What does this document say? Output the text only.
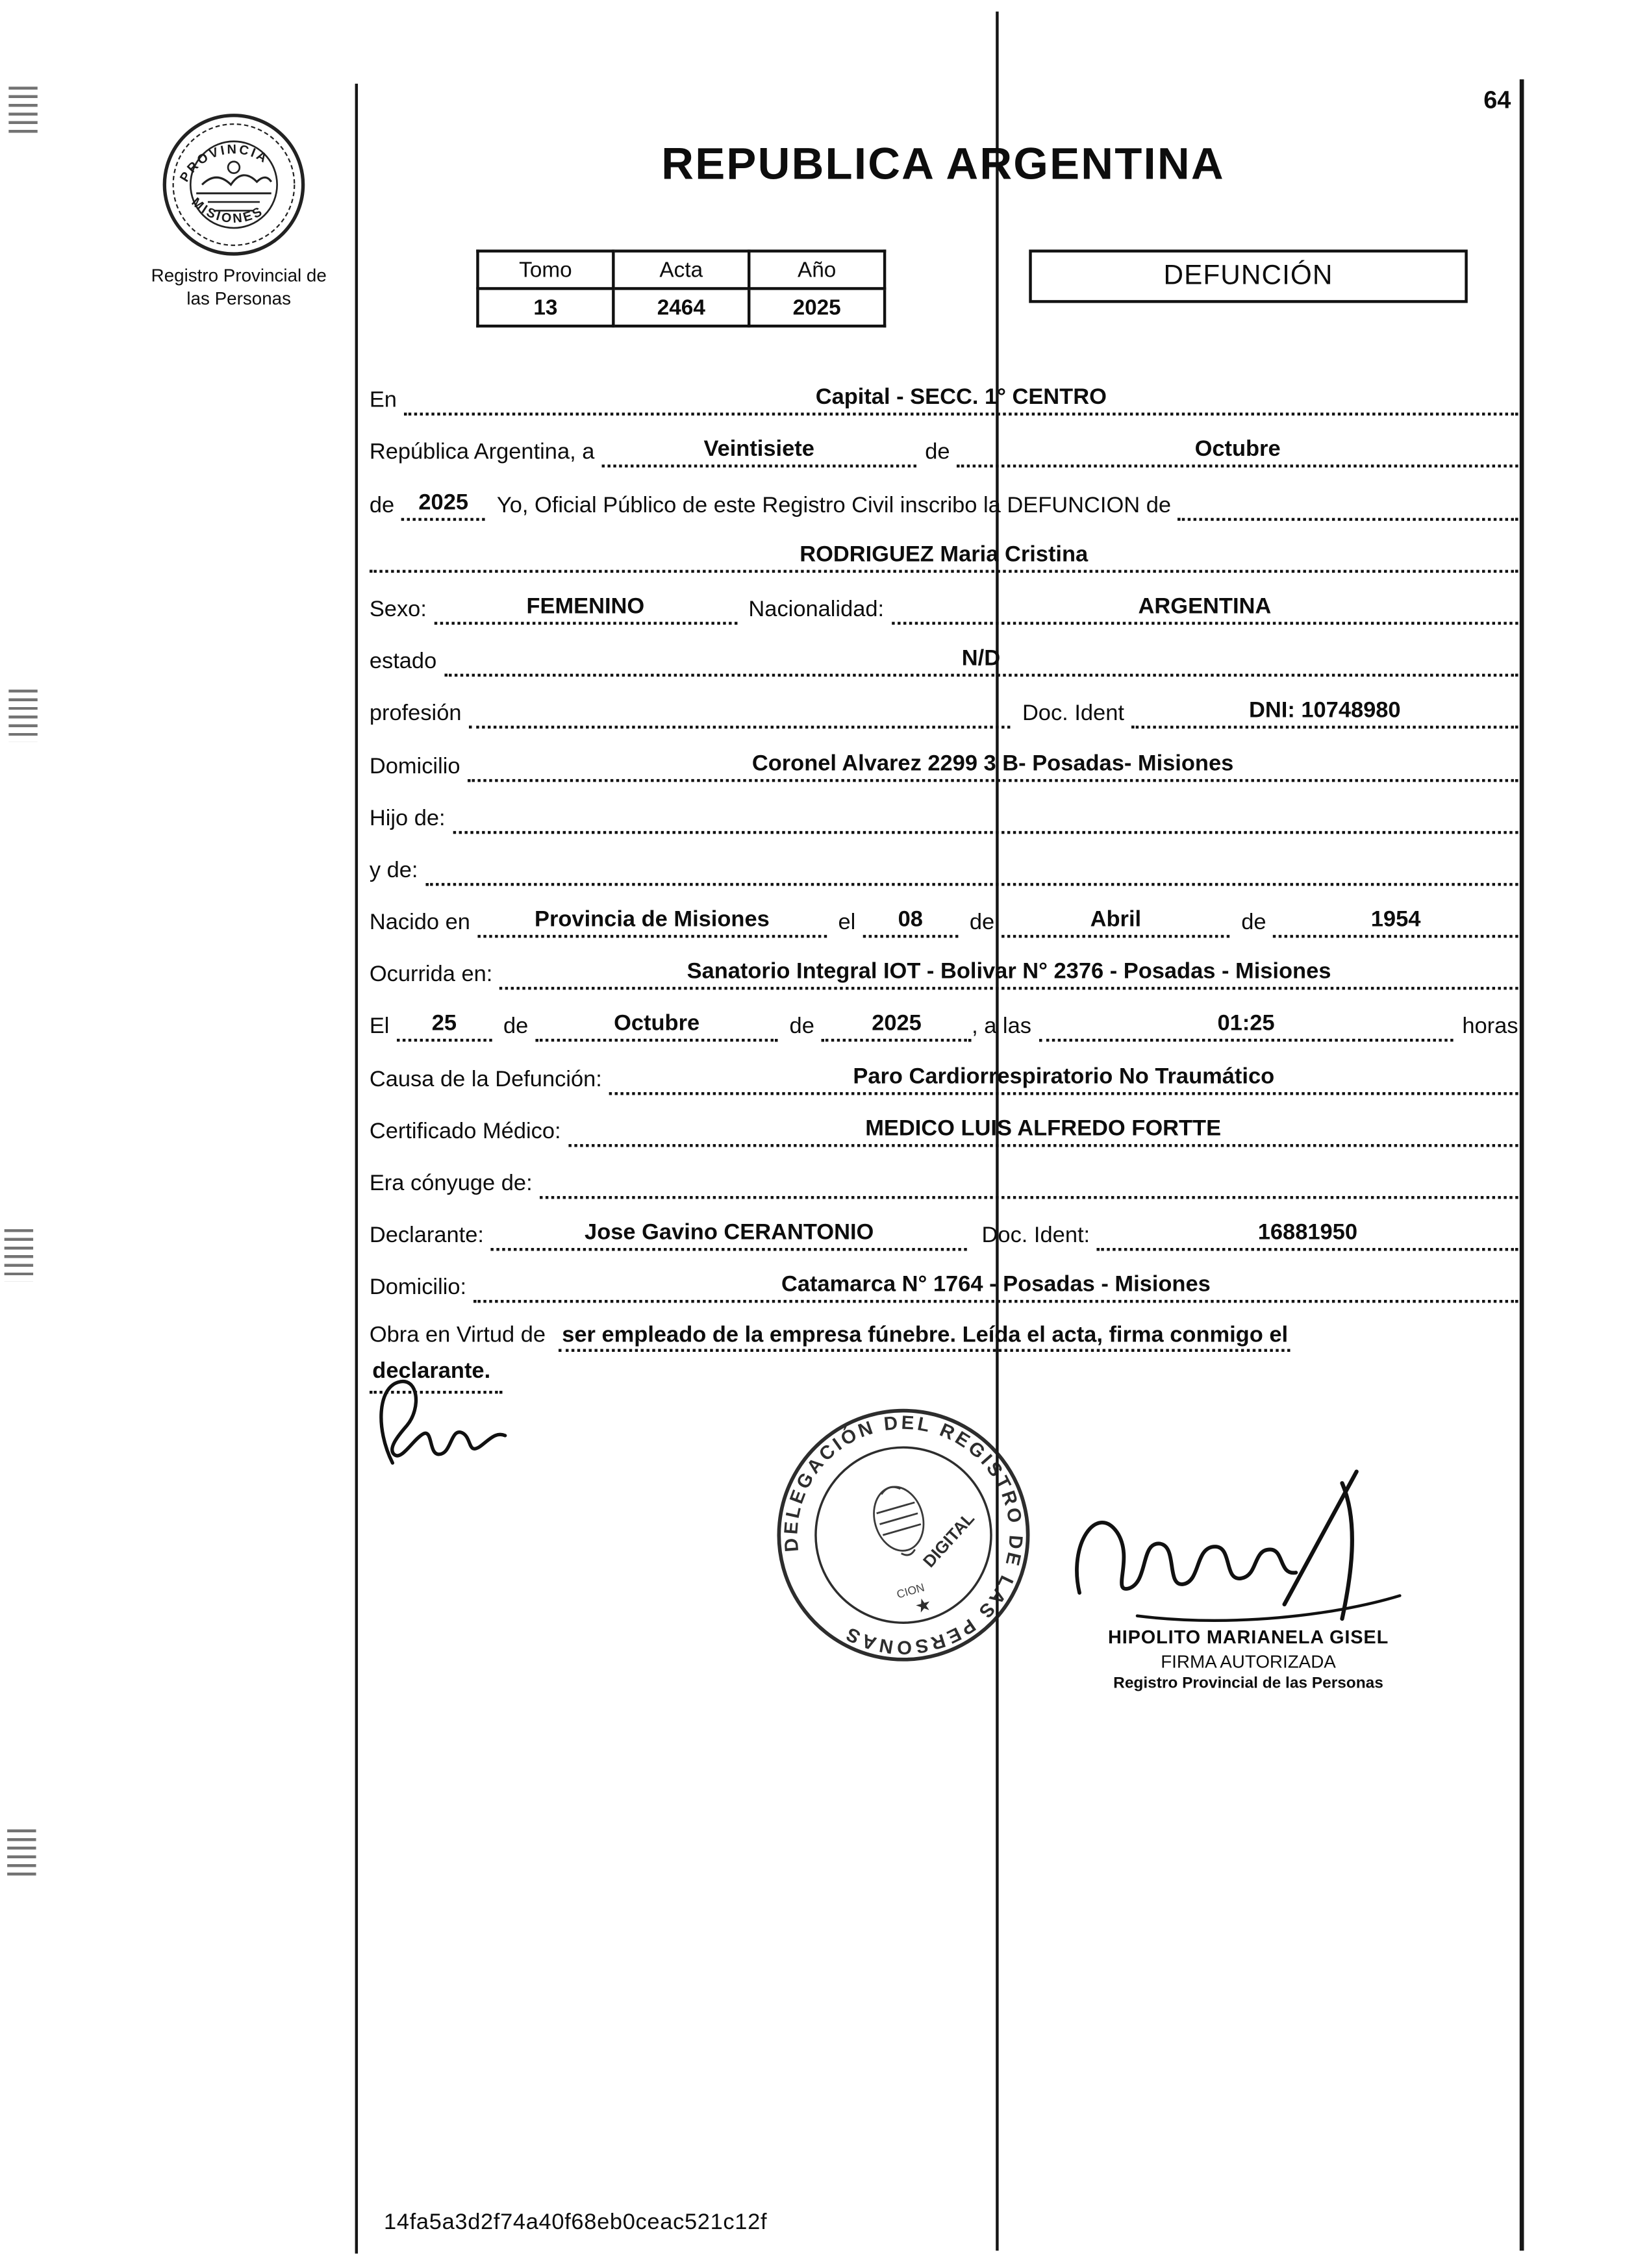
64
PROVINCIA
MISIONES
Registro Provincial de
las Personas
REPUBLICA ARGENTINA
Tomo	Acta	Año
13	2464	2025
DEFUNCIÓN
En	Capital - SECC. 1° CENTRO
República Argentina, a	Veintisiete	de	Octubre
de	2025	Yo, Oficial Público de este Registro Civil inscribo la DEFUNCION de
RODRIGUEZ Maria Cristina
Sexo:	FEMENINO	Nacionalidad:	ARGENTINA
estado	N/D
profesión	Doc. Ident	DNI: 10748980
Domicilio	Coronel Alvarez 2299 3 B- Posadas- Misiones
Hijo de:
y de:
Nacido en	Provincia de Misiones	el	08	de	Abril	de	1954
Ocurrida en:	Sanatorio Integral IOT - Bolivar N° 2376 - Posadas - Misiones
El	25	de	Octubre	de	2025	, a las	01:25	horas
Causa de la Defunción:	Paro Cardiorrespiratorio No Traumático
Certificado Médico:	MEDICO LUIS ALFREDO FORTTE
Era cónyuge de:
Declarante:	Jose Gavino CERANTONIO	Doc. Ident:	16881950
Domicilio:	Catamarca N° 1764 - Posadas - Misiones
Obra en Virtud de ser empleado de la empresa fúnebre. Leída el acta, firma conmigo el
declarante.
DELEGACIÓN DEL REGISTRO DE LAS PERSONAS
DIGITAL
CION
★
HIPOLITO MARIANELA GISEL
FIRMA AUTORIZADA
Registro Provincial de las Personas
14fa5a3d2f74a40f68eb0ceac521c12f
